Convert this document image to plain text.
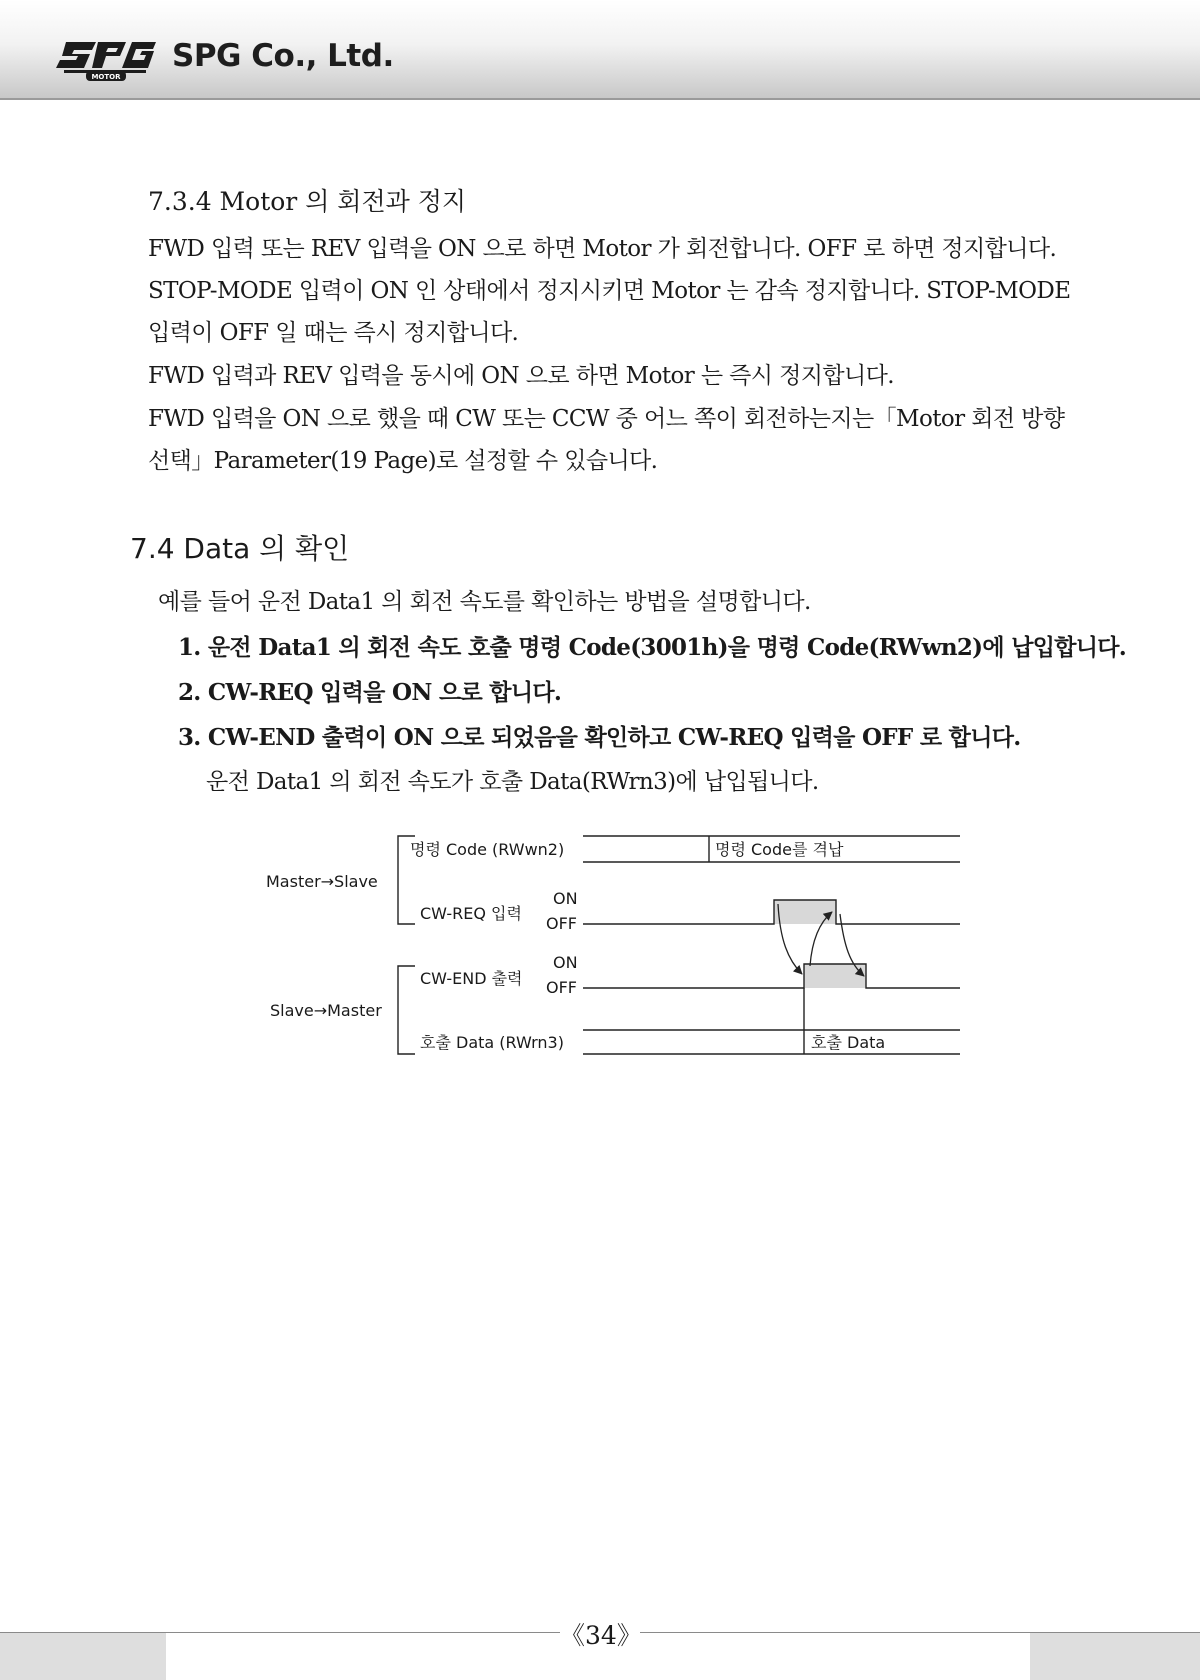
MOTOR
SPG Co., Ltd.
7.3.4 Motor 의 회전과 정지

FWD 입력 또는 REV 입력을 ON 으로 하면 Motor 가 회전합니다. OFF 로 하면 정지합니다.

STOP-MODE 입력이 ON 인 상태에서 정지시키면 Motor 는 감속 정지합니다. STOP-MODE

입력이 OFF 일 때는 즉시 정지합니다.

FWD 입력과 REV 입력을 동시에 ON 으로 하면 Motor 는 즉시 정지합니다.

FWD 입력을 ON 으로 했을 때 CW 또는 CCW 중 어느 쪽이 회전하는지는「Motor 회전 방향

선택」Parameter(19 Page)로 설정할 수 있습니다.

7.4 Data 의 확인

예를 들어 운전 Data1 의 회전 속도를 확인하는 방법을 설명합니다.

1. 운전 Data1 의 회전 속도 호출 명령 Code(3001h)을 명령 Code(RWwn2)에 납입합니다.

2. CW-REQ 입력을 ON 으로 합니다.

3. CW-END 출력이 ON 으로 되었음을 확인하고 CW-REQ 입력을 OFF 로 합니다.

운전 Data1 의 회전 속도가 호출 Data(RWrn3)에 납입됩니다.

Master→Slave
Slave→Master
명령 Code (RWwn2)	명령 Code를 격납
CW-REQ 입력
ON
OFF
CW-END 출력
ON
OFF
호출 Data (RWrn3)	호출 Data
《34》
